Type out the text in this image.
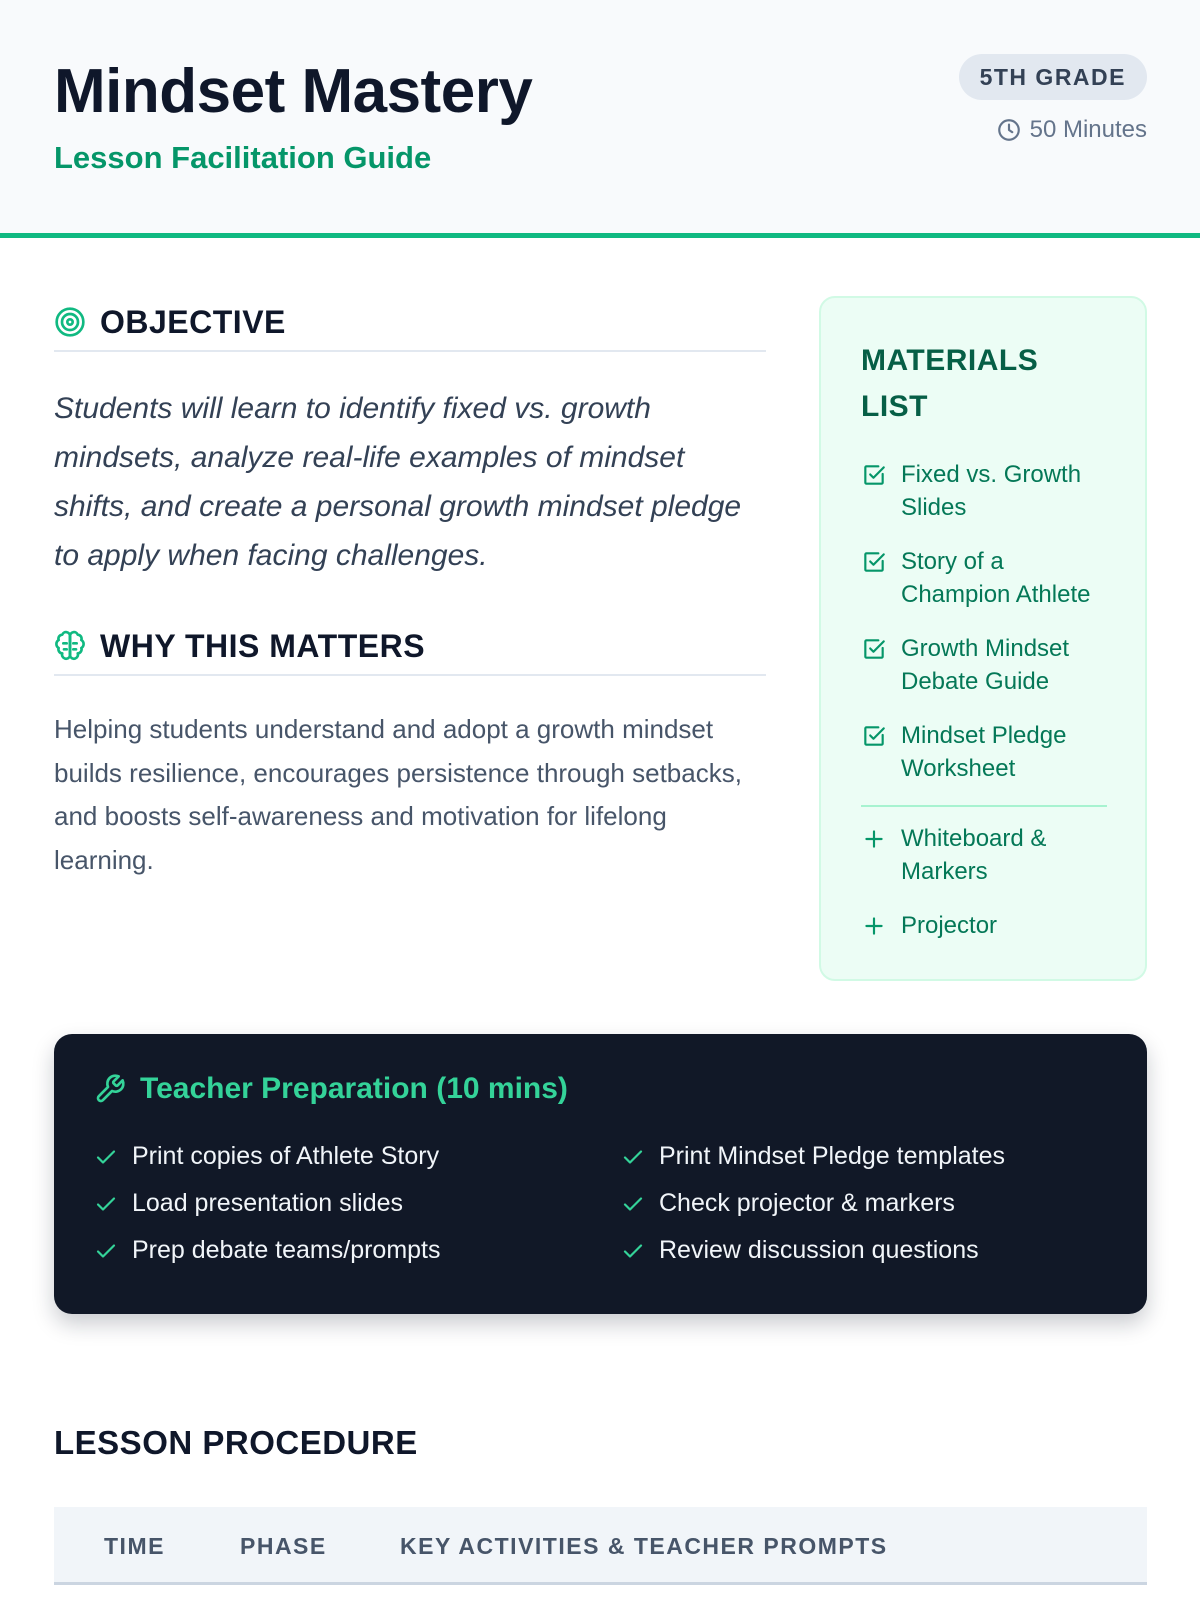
Mindset Mastery
Lesson Facilitation Guide
5TH GRADE
50 Minutes
OBJECTIVE

Students will learn to identify fixed vs. growth mindsets, analyze real-life examples of mindset shifts, and create a personal growth mindset pledge to apply when facing challenges.

WHY THIS MATTERS

Helping students understand and adopt a growth mindset builds resilience, encourages persistence through setbacks, and boosts self-awareness and motivation for lifelong learning.

MATERIALS LIST
Fixed vs. Growth Slides
Story of a Champion Athlete
Growth Mindset Debate Guide
Mindset Pledge Worksheet
Whiteboard & Markers
Projector
Teacher Preparation (10 mins)
Print copies of Athlete Story
Load presentation slides
Prep debate teams/prompts
Print Mindset Pledge templates
Check projector & markers
Review discussion questions
LESSON PROCEDURE
TIME	PHASE	KEY ACTIVITIES & TEACHER PROMPTS
